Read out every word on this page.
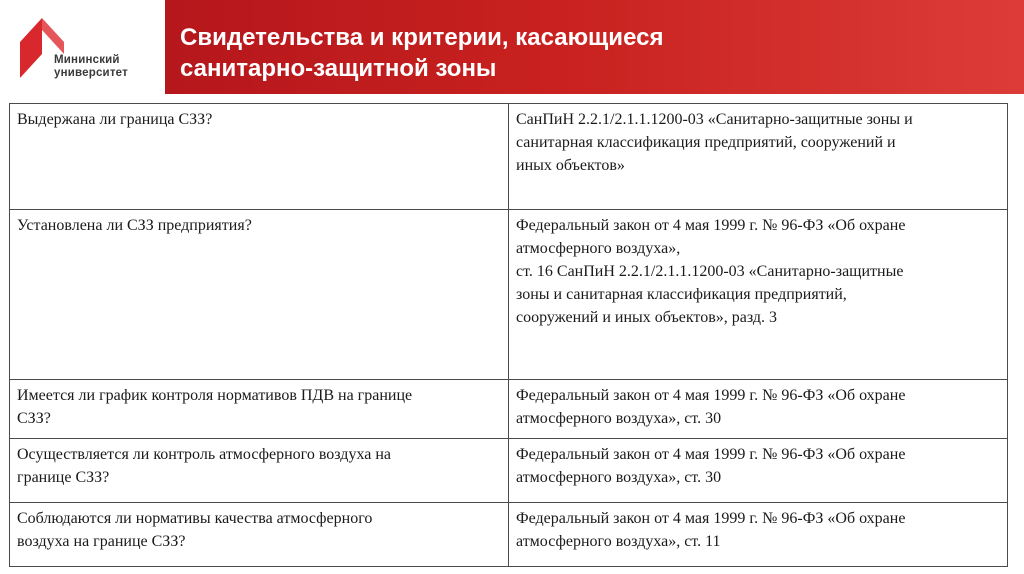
Мининский
университет
Свидетельства и критерии, касающиеся
санитарно-защитной зоны
Выдержана ли граница СЗЗ?	СанПиН 2.2.1/2.1.1.1200-03 «Санитарно-защитные зоны и
санитарная классификация предприятий, сооружений и
иных объектов»

Установлена ли СЗЗ предприятия?	Федеральный закон от 4 мая 1999 г. № 96-ФЗ «Об охране
атмосферного воздуха»,
ст. 16 СанПиН 2.2.1/2.1.1.1200-03 «Санитарно-защитные
зоны и санитарная классификация предприятий,
сооружений и иных объектов», разд. 3

Имеется ли график контроля нормативов ПДВ на границе
СЗЗ?	Федеральный закон от 4 мая 1999 г. № 96-ФЗ «Об охране
атмосферного воздуха», ст. 30

Осуществляется ли контроль атмосферного воздуха на
границе СЗЗ?	Федеральный закон от 4 мая 1999 г. № 96-ФЗ «Об охране
атмосферного воздуха», ст. 30

Соблюдаются ли нормативы качества атмосферного
воздуха на границе СЗЗ?	Федеральный закон от 4 мая 1999 г. № 96-ФЗ «Об охране
атмосферного воздуха», ст. 11
